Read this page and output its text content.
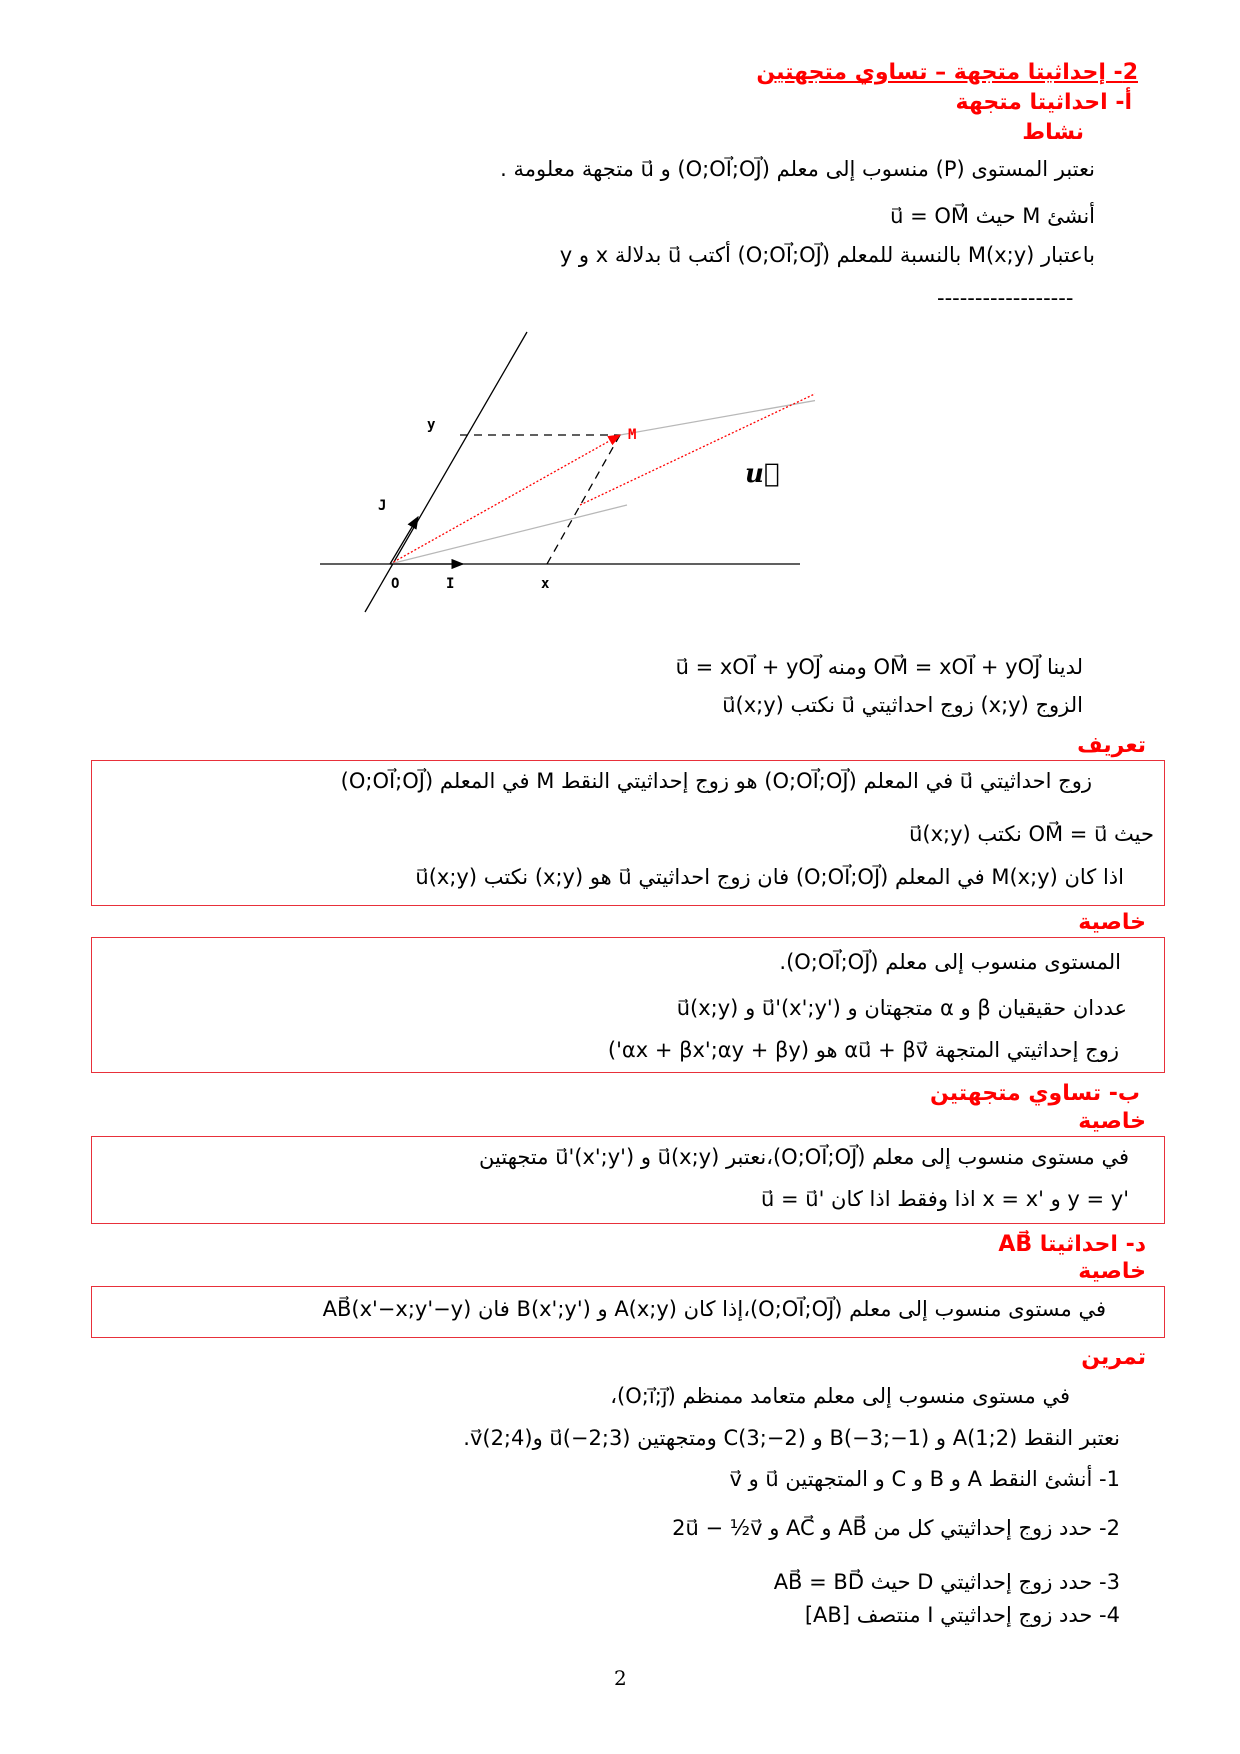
2- إحداثيتا متجهة – تساوي متجهتين
أ- احداثيتا متجهة
نشاط
نعتبر المستوى (P) منسوب إلى معلم (O;OI⃗;OJ⃗) و u⃗ متجهة معلومة .
أنشئ M حيث u⃗ = OM⃗
باعتبار M(x;y) بالنسبة للمعلم (O;OI⃗;OJ⃗) أكتب u⃗ بدلالة x و y
------------------
y
M
u⃗
J
O	I	x
لدينا OM⃗ = xOI⃗ + yOJ⃗ ومنه u⃗ = xOI⃗ + yOJ⃗
الزوج (x;y) زوج احداثيتي u⃗ نكتب u⃗(x;y)
تعريف
زوج احداثيتي u⃗ في المعلم (O;OI⃗;OJ⃗) هو زوج إحداثيتي النقط M في المعلم (O;OI⃗;OJ⃗)
حيث OM⃗ = u⃗ نكتب u⃗(x;y)
اذا كان M(x;y) في المعلم (O;OI⃗;OJ⃗) فان زوج احداثيتي u⃗ هو (x;y) نكتب u⃗(x;y)
خاصية
المستوى منسوب إلى معلم (O;OI⃗;OJ⃗).
u⃗(x;y) و u⃗'(x';y') متجهتان و α و β عددان حقيقيان
زوج إحداثيتي المتجهة αu⃗ + βv⃗ هو (αx + βx';αy + βy')
ب- تساوي متجهتين
خاصية
في مستوى منسوب إلى معلم (O;OI⃗;OJ⃗)،نعتبر u⃗(x;y) و u⃗'(x';y') متجهتين
u⃗ = u⃗' اذا وفقط اذا كان x = x' و y = y'
د- احداثيتا AB⃗
خاصية
في مستوى منسوب إلى معلم (O;OI⃗;OJ⃗)،إذا كان A(x;y) و B(x';y') فان AB⃗(x'−x;y'−y)
تمرين
في مستوى منسوب إلى معلم متعامد ممنظم (O;i⃗;j⃗)،
نعتبر النقط A(1;2) و B(−3;−1) و C(3;−2) ومتجهتين u⃗(−2;3) وv⃗(2;4).
1- أنشئ النقط A و B و C و المتجهتين u⃗ و v⃗
2- حدد زوج إحداثيتي كل من AB⃗ و AC⃗ و 2u⃗ − ½v⃗
3- حدد زوج إحداثيتي D حيث AB⃗ = BD⃗
4- حدد زوج إحداثيتي I منتصف [AB]
2
